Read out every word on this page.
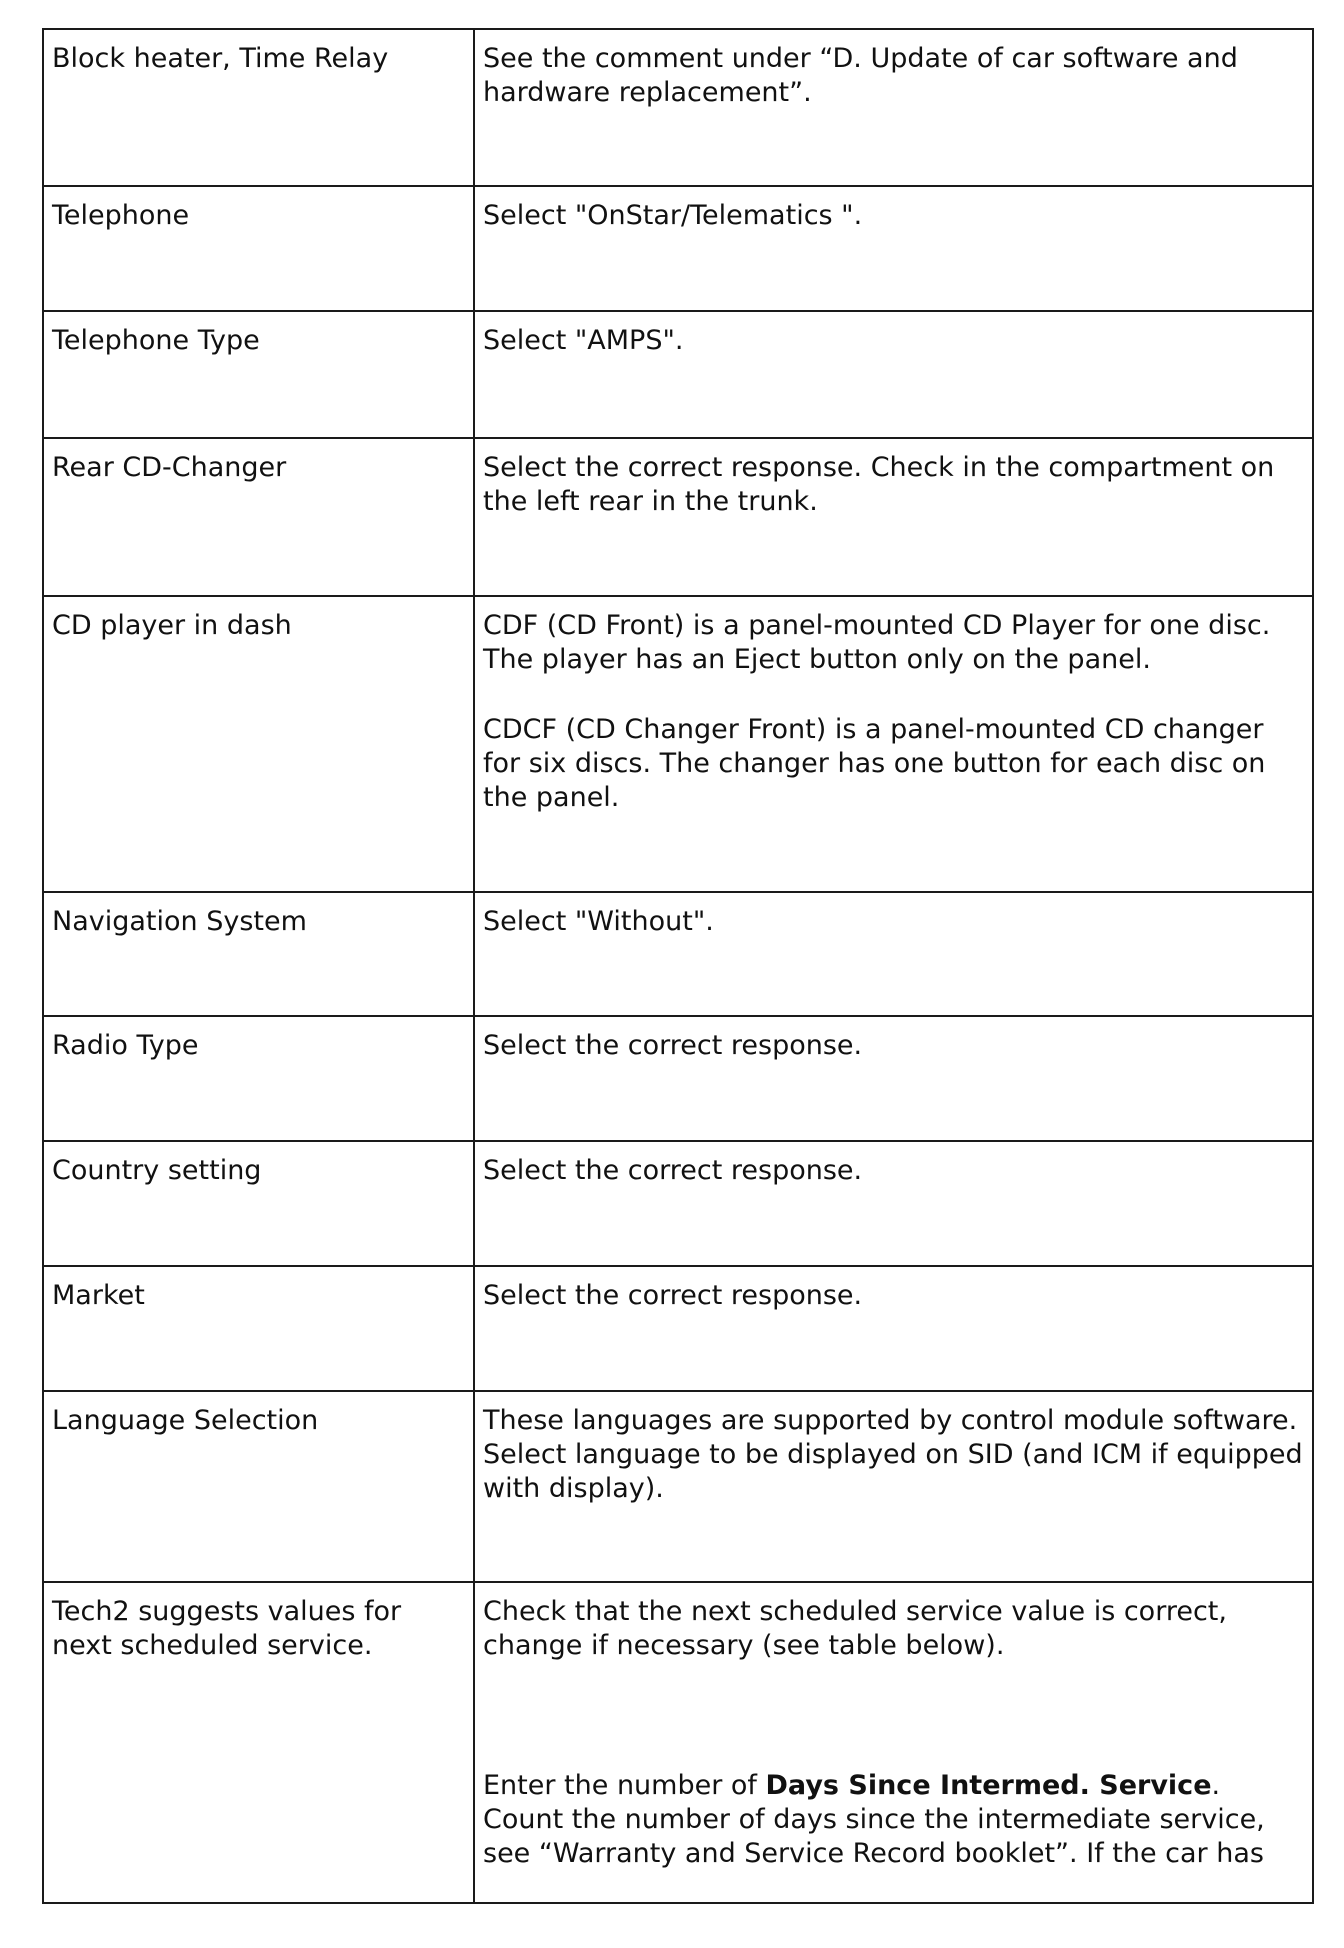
Block heater, Time Relay	See the comment under “D. Update of car software and hardware replacement”.

Telephone	Select "OnStar/Telematics ".

Telephone Type	Select "AMPS".

Rear CD-Changer	Select the correct response. Check in the compartment on the left rear in the trunk.

CD player in dash	CDF (CD Front) is a panel-mounted CD Player for one disc. The player has an Eject button only on the panel.

CDCF (CD Changer Front) is a panel-mounted CD changer for six discs. The changer has one button for each disc on the panel.

Navigation System	Select "Without".

Radio Type	Select the correct response.

Country setting	Select the correct response.

Market	Select the correct response.

Language Selection	These languages are supported by control module software. Select language to be displayed on SID (and ICM if equipped with display).

Tech2 suggests values for next scheduled service.	Check that the next scheduled service value is correct, change if necessary (see table below).

Enter the number of Days Since Intermed. Service. Count the number of days since the intermediate service, see “Warranty and Service Record booklet”. If the car has
